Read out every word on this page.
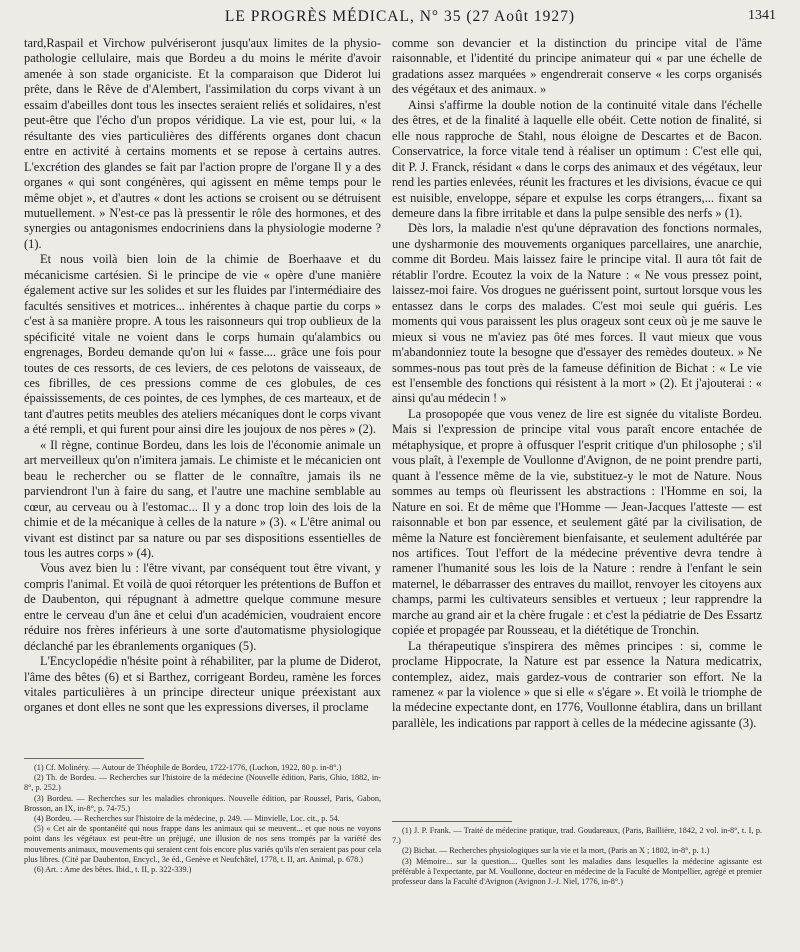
LE PROGRÈS MÉDICAL, N° 35 (27 Août 1927)	1341

tard,Raspail et Virchow pulvériseront jusqu'aux limites de la physio-pathologie cellulaire, mais que Bordeu a du moins le mérite d'avoir amenée à son stade organiciste. Et la comparaison que Diderot lui prête, dans le Rêve de d'Alembert, l'assimilation du corps vivant à un essaim d'abeilles dont tous les insectes seraient reliés et solidaires, n'est peut-être que l'écho d'un propos véridique. La vie est, pour lui, « la résultante des vies particulières des différents organes dont chacun entre en activité à certains moments et se repose à certains autres. L'excrétion des glandes se fait par l'action propre de l'organe Il y a des organes « qui sont congénères, qui agissent en même temps pour le même objet », et d'autres « dont les actions se croisent ou se détruisent mutuellement. » N'est-ce pas là pressentir le rôle des hormones, et des synergies ou antagonismes endocriniens dans la physiologie moderne ? (1).

Et nous voilà bien loin de la chimie de Boerhaave et du mécanicisme cartésien. Si le principe de vie « opère d'une manière également active sur les solides et sur les fluides par l'intermédiaire des facultés sensitives et motrices... inhérentes à chaque partie du corps » c'est à sa manière propre. A tous les raisonneurs qui trop oublieux de la spécificité vitale ne voient dans le corps humain qu'alambics ou engrenages, Bordeu demande qu'on lui « fasse.... grâce une fois pour toutes de ces ressorts, de ces leviers, de ces pelotons de vaisseaux, de ces fibrilles, de ces pressions comme de ces globules, de ces épaississements, de ces pointes, de ces lymphes, de ces marteaux, et de tant d'autres petits meubles des ateliers mécaniques dont le corps vivant a été rempli, et qui furent pour ainsi dire les joujoux de nos pères » (2).

« Il règne, continue Bordeu, dans les lois de l'économie animale un art merveilleux qu'on n'imitera jamais. Le chimiste et le mécanicien ont beau le rechercher ou se flatter de le connaître, jamais ils ne parviendront l'un à faire du sang, et l'autre une machine semblable au cœur, au cerveau ou à l'estomac... Il y a donc trop loin des lois de la chimie et de la mécanique à celles de la nature » (3). « L'être animal ou vivant est distinct par sa nature ou par ses dispositions essentielles de tous les autres corps » (4).

Vous avez bien lu : l'être vivant, par conséquent tout être vivant, y compris l'animal. Et voilà de quoi rétorquer les prétentions de Buffon et de Daubenton, qui répugnant à admettre quelque commune mesure entre le cerveau d'un âne et celui d'un académicien, voudraient encore réduire nos frères inférieurs à une sorte d'automatisme physiologique déclanché par les ébranlements organiques (5).

L'Encyclopédie n'hésite point à réhabiliter, par la plume de Diderot, l'âme des bêtes (6) et si Barthez, corrigeant Bordeu, ramène les forces vitales particulières à un principe directeur unique préexistant aux organes et dont elles ne sont que les expressions diverses, il proclame

comme son devancier et la distinction du principe vital de l'âme raisonnable, et l'identité du principe animateur qui « par une échelle de gradations assez marquées » engendrerait conserve « les corps organisés des végétaux et des animaux. »

Ainsi s'affirme la double notion de la continuité vitale dans l'échelle des êtres, et de la finalité à laquelle elle obéit. Cette notion de finalité, si elle nous rapproche de Stahl, nous éloigne de Descartes et de Bacon. Conservatrice, la force vitale tend à réaliser un optimum : C'est elle qui, dit P. J. Franck, résidant « dans le corps des animaux et des végétaux, leur rend les parties enlevées, réunit les fractures et les divisions, évacue ce qui est nuisible, enveloppe, sépare et expulse les corps étrangers,... fixant sa demeure dans la fibre irritable et dans la pulpe sensible des nerfs » (1).

Dès lors, la maladie n'est qu'une dépravation des fonctions normales, une dysharmonie des mouvements organiques parcellaires, une anarchie, comme dit Bordeu. Mais laissez faire le principe vital. Il aura tôt fait de rétablir l'ordre. Ecoutez la voix de la Nature : « Ne vous pressez point, laissez-moi faire. Vos drogues ne guérissent point, surtout lorsque vous les entassez dans le corps des malades. C'est moi seule qui guéris. Les moments qui vous paraissent les plus orageux sont ceux où je me sauve le mieux si vous ne m'aviez pas ôté mes forces. Il vaut mieux que vous m'abandonniez toute la besogne que d'essayer des remèdes douteux. » Ne sommes-nous pas tout près de la fameuse définition de Bichat : « Le vie est l'ensemble des fonctions qui résistent à la mort » (2). Et j'ajouterai : « ainsi qu'au médecin ! »

La prosopopée que vous venez de lire est signée du vitaliste Bordeu. Mais si l'expression de principe vital vous paraît encore entachée de métaphysique, et propre à offusquer l'esprit critique d'un philosophe ; s'il vous plaît, à l'exemple de Voullonne d'Avignon, de ne point prendre parti, quant à l'essence même de la vie, substituez-y le mot de Nature. Nous sommes au temps où fleurissent les abstractions : l'Homme en soi, la Nature en soi. Et de même que l'Homme — Jean-Jacques l'atteste — est raisonnable et bon par essence, et seulement gâté par la civilisation, de même la Nature est foncièrement bienfaisante, et seulement adultérée par nos artifices. Tout l'effort de la médecine préventive devra tendre à ramener l'humanité sous les lois de la Nature : rendre à l'enfant le sein maternel, le débarrasser des entraves du maillot, renvoyer les citoyens aux champs, parmi les cultivateurs sensibles et vertueux ; leur rapprendre la marche au grand air et la chère frugale : et c'est la pédiatrie de Des Essartz copiée et propagée par Rousseau, et la diététique de Tronchin.

La thérapeutique s'inspirera des mêmes principes : si, comme le proclame Hippocrate, la Nature est par essence la Natura medicatrix, contemplez, aidez, mais gardez-vous de contrarier son effort. Ne la ramenez « par la violence » que si elle « s'égare ». Et voilà le triomphe de la médecine expectante dont, en 1776, Voullonne établira, dans un brillant parallèle, les indications par rapport à celles de la médecine agissante (3).

(1) Cf. Molinéry. — Autour de Théophile de Bordeu, 1722-1776, (Luchon, 1922, 80 p. in-8°.)
(2) Th. de Bordeu. — Recherches sur l'histoire de la médecine (Nouvelle édition, Paris, Ghio, 1882, in-8°, p. 252.)
(3) Bordeu. — Recherches sur les maladies chroniques. Nouvelle édition, par Roussel, Paris, Gabon, Brosson, an IX, in-8°, p. 74-75.)
(4) Bordeu. — Recherches sur l'histoire de la médecine, p. 249. — Minvielle, Loc. cit., p. 54.
(5) « Cet air de spontanéité qui nous frappe dans les animaux qui se meuvent... et que nous ne voyons point dans les végétaux est peut-être un préjugé, une illusion de nos sens trompés par la variété des mouvements animaux, mouvements qui seraient cent fois encore plus variés qu'ils n'en seraient pas pour cela plus libres. (Cité par Daubenton, Encycl., 3e éd., Genève et Neufchâtel, 1778, t. II, art. Animal, p. 678.)
(6) Art. : Ame des bêtes. Ibid., t. II, p. 322-339.)
(1) J. P. Frank. — Traité de médecine pratique, trad. Goudareaux, (Paris, Baillière, 1842, 2 vol. in-8°, t. I, p. 7.)
(2) Bichat. — Recherches physiologiques sur la vie et la mort, (Paris an X ; 1802, in-8°, p. 1.)
(3) Mémoire... sur la question.... Quelles sont les maladies dans lesquelles la médecine agissante est préférable à l'expectante, par M. Voullonne, docteur en médecine de la Faculté de Montpellier, agrégé et premier professeur dans la Faculté d'Avignon (Avignon J.-J. Niel, 1776, in-8°.)
